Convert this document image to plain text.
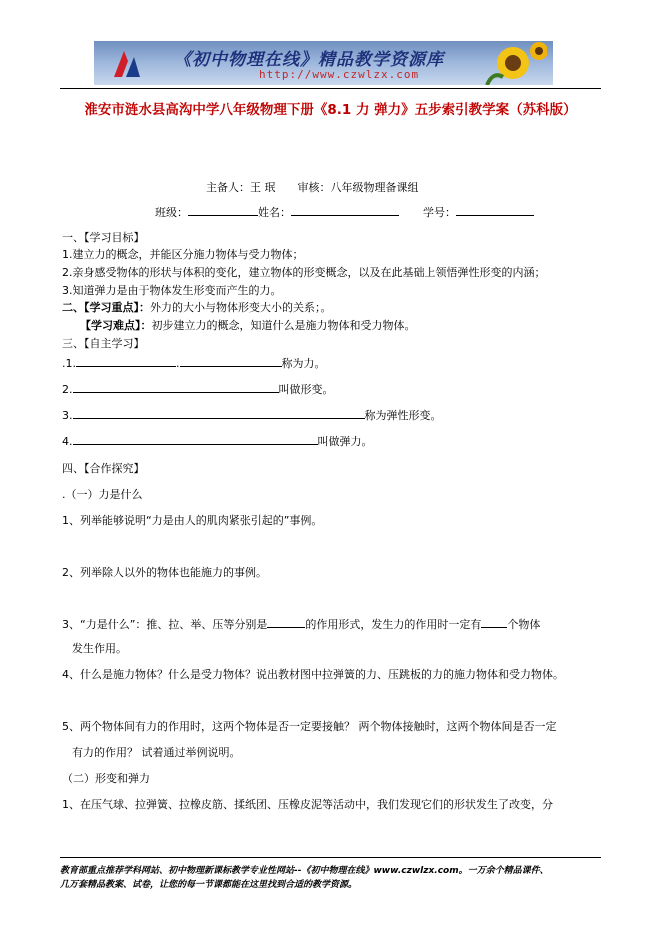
《初中物理在线》精品教学资源库
http://www.czwlzx.com
淮安市涟水县高沟中学八年级物理下册《8.1 力 弹力》五步索引教学案（苏科版）
主备人：王 珉　　审核：八年级物理备课组
班级：	姓名：	学号：
一、【学习目标】
1.建立力的概念，并能区分施力物体与受力物体；
2.亲身感受物体的形状与体积的变化，建立物体的形变概念，以及在此基础上领悟弹性形变的内涵；
3.知道弹力是由于物体发生形变而产生的力。
二、【学习重点】：外力的大小与物体形变大小的关系；。
【学习难点】：初步建立力的概念，知道什么是施力物体和受力物体。
三、【自主学习】
.1.	.	称为力。
2.	叫做形变。
3.	称为弹性形变。
4.	叫做弹力。
四、【合作探究】
.（一）力是什么
1、列举能够说明“力是由人的肌肉紧张引起的”事例。
2、列举除人以外的物体也能施力的事例。
3、“力是什么”：推、拉、举、压等分别是	的作用形式，发生力的作用时一定有 个物体
发生作用。
4、什么是施力物体？什么是受力物体？说出教材图中拉弹簧的力、压跳板的力的施力物体和受力物体。
5、两个物体间有力的作用时，这两个物体是否一定要接触？ 两个物体接触时，这两个物体间是否一定
有力的作用？ 试着通过举例说明。
（二）形变和弹力
1、在压气球、拉弹簧、拉橡皮筋、揉纸团、压橡皮泥等活动中，我们发现它们的形状发生了改变，分
教育部重点推荐学科网站、初中物理新课标教学专业性网站--《初中物理在线》www.czwlzx.com。一万余个精品课件、
几万套精品教案、试卷，让您的每一节课都能在这里找到合适的教学资源。
